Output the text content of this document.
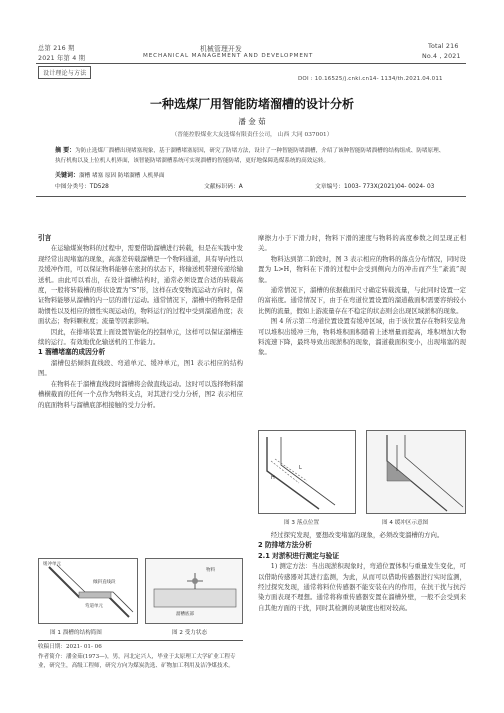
总第 216 期
2021 年第 4 期
机械管理开发
MECHANICAL MANAGEMENT AND DEVELOPMENT
Total 216
No.4 , 2021
设计理论与方法
DOI : 10.16525/j.cnki.cn14- 1134/th.2021.04.011
一种选煤厂用智能防堵溜槽的设计分析
潘 金 茹
（晋能控股煤业大友选煤有限责任公司， 山西 大同 037001）
摘 要：为防止选煤厂溜槽出现堵塞现象，基于溜槽堵塞原因，研究了防堵方法，设计了一种智能防堵溜槽，介绍了该种智能防堵溜槽的结构组成、防堵原理、执行机构以及上位机人机界面，该智能防堵溜槽系统可实现溜槽的智能防堵，更好地保障选煤系统的高效运转。
关键词：溜槽 堵塞 原因 防堵溜槽 人机界面
中图分类号：TD528	文献标识码：A	文章编号：1003- 773X(2021)04- 0024- 03
引言

在运输煤炭物料的过程中，需要借助溜槽进行转载，但是在实践中发现经常出现堵塞的现象，高落差转载溜槽是一个物料通道，具有导向性以及缓冲作用，可以保证物料能够在密封的状态下，将输送机带速传递给输送机。由此可以看出，在设计溜槽结构时，通常必须设置合适的转载高度，一般将转载槽的形状设置为“S”形，这样在改变物流运动方向时，保证物料能够从溜槽的内一层的滑行运动。通常情况下，溜槽中的物料是借助惯性以及相应的惯性实现运动的，物料运行的过程中受到溜道角度；表面状态；物料颗粒度；流量等因素影响。

因此，在排堵装置上面设置智能化的控制单元，这样可以保证溜槽连续的运行。有效地优化输送机的工作能力。

1 溜槽堵塞的成因分析

溜槽包括倾斜直线段、弯道单元、缓冲单元，图1 表示相应的结构图。

在物料在于溜槽直线段时溜槽将会做直线运动。这时可以选择物料溜槽横截面的任何一个点作为物料支点，对其进行受力分析，图2 表示相应的底面物料与溜槽底部相接触的受力分析。

缓冲单元
倾斜直线段
弯道单元
物料
溜槽底部
图 1 溜槽的结构简图	图 2 受力状态
收稿日期：2021- 01- 06
作者简介：潘金茹(1973—)，男，河北定兴人，毕业于太原理工大学矿业工程专业，研究生，高级工程师，研究方向为煤炭洗选、矿物加工利用及洁净煤技术。

摩擦力小于下滑力时，物料下滑的速度与物料的高度参数之间呈现正相关。

物料达到第二阶段时，图 3 表示相应的物料的落点分布情况，同时设置为 L>H，物料在下滑的过程中会受到侧向力的冲击而产生“紊流”现象。

通常情况下，溜槽的依据截面尺寸确定转载流量，与此同时设置一定的富裕度。通常情况下，由于在弯道位置设置的溜道截面积需要容纳较小比例的流量，假如上游流量存在不稳定的状态则会出现区域淤积的现象。

图 4 所示第二弯道位置设置有缓冲区域，由于该位置存在物料安息角可以堆积出缓冲三角，物料堆积面积随着上述增量而提高，堆积增加大物料流速下降，最终导致出现淤积的现象，溜道截面积变小，出现堵塞的现象。

H
L
图 3 落点位置	图 4 缓冲区示意图

经过探究发现，要想改变堵塞的现象，必须改变溜槽的方向。

2 防排堵方法分析
2.1 对淤积进行测定与验证

1) 测定方法：当出现淤积现象时，弯道位置体积与重量发生变化，可以借助传感器对其进行监测，为此，从而可以借助传感器进行实时监测，经过探究发现，通常将料位传感器不能安装在内的作用，在抗干扰与抗污染方面表现不理想。通常将称重传感器安置在溜槽外壁，一般不会受到来自其他方面的干扰，同时其检测的灵敏度也相对较高。
